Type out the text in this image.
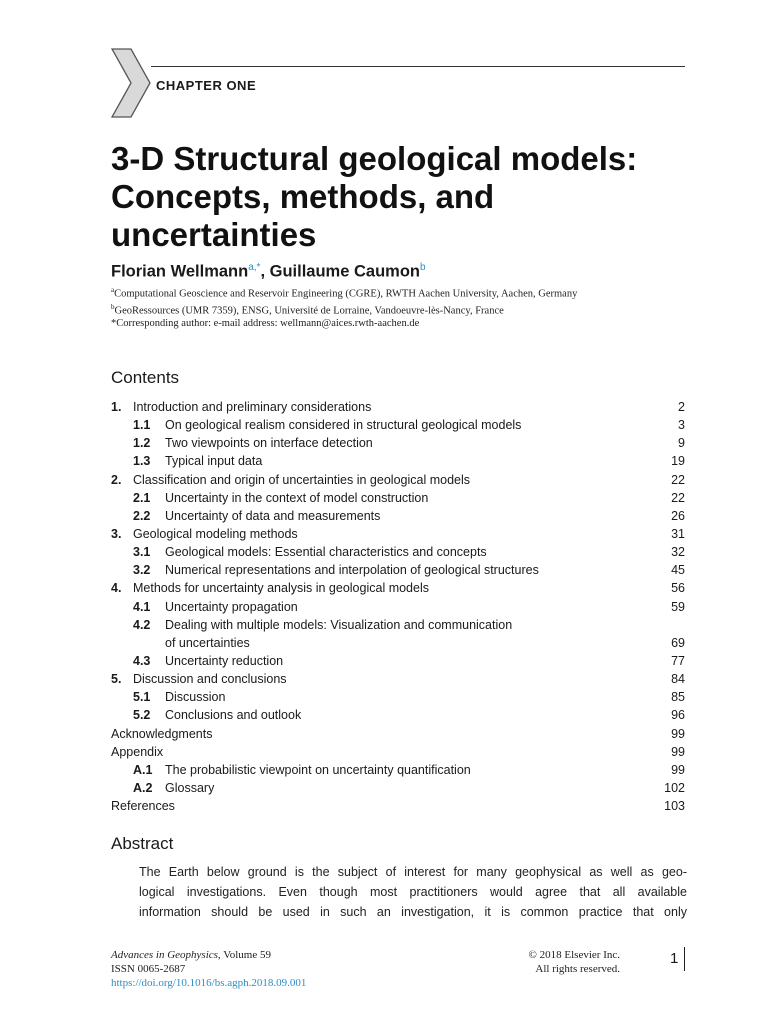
CHAPTER ONE
3-D Structural geological models: Concepts, methods, and uncertainties
Florian Wellmann$^{a,*}$, Guillaume Caumon$^b$

$^a$Computational Geoscience and Reservoir Engineering (CGRE), RWTH Aachen University, Aachen, Germany

$^b$GeoRessources (UMR 7359), ENSG, Université de Lorraine, Vandoeuvre-lès-Nancy, France

*Corresponding author: e-mail address: wellmann@aices.rwth-aachen.de

Contents
1. Introduction and preliminary considerations	2
1.1	On geological realism considered in structural geological models	3
1.2	Two viewpoints on interface detection	9
1.3	Typical input data	19
2. Classification and origin of uncertainties in geological models	22
2.1	Uncertainty in the context of model construction	22
2.2	Uncertainty of data and measurements	26
3. Geological modeling methods	31
3.1	Geological models: Essential characteristics and concepts	32
3.2	Numerical representations and interpolation of geological structures	45
4. Methods for uncertainty analysis in geological models	56
4.1	Uncertainty propagation	59
4.2	Dealing with multiple models: Visualization and communication
of uncertainties	69
4.3	Uncertainty reduction	77
5. Discussion and conclusions	84
5.1	Discussion	85
5.2	Conclusions and outlook	96
Acknowledgments	99
Appendix	99
A.1	The probabilistic viewpoint on uncertainty quantification	99
A.2	Glossary	102
References	103
Abstract
The Earth below ground is the subject of interest for many geophysical as well as geo-
logical investigations. Even though most practitioners would agree that all available
information should be used in such an investigation, it is common practice that only
Advances in Geophysics, Volume 59
ISSN 0065-2687
https://doi.org/10.1016/bs.agph.2018.09.001
© 2018 Elsevier Inc.
All rights reserved.
1
